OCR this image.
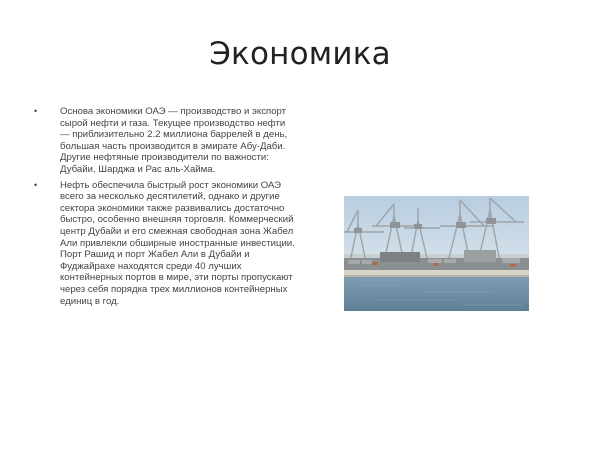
Экономика
• Основа экономики ОАЭ — производство и экспорт сырой нефти и газа. Текущее производство нефти — приблизительно 2.2 миллиона баррелей в день, большая часть производится в эмирате Абу-Даби. Другие нефтяные производители по важности: Дубайи, Шарджа и Рас аль-Хайма.
• Нефть обеспечила быстрый рост экономики ОАЭ всего за несколько десятилетий, однако и другие сектора экономики также развивались достаточно быстро, особенно внешняя торговля. Коммерческий центр Дубайи и его смежная свободная зона Жабел Али привлекли обширные иностранные инвестиции. Порт Рашид и порт Жабел Али в Дубайи и Фуджайрахе находятся среди 40 лучших контейнерных портов в мире, эти порты пропускают через себя порядка трех миллионов контейнерных единиц в год.
